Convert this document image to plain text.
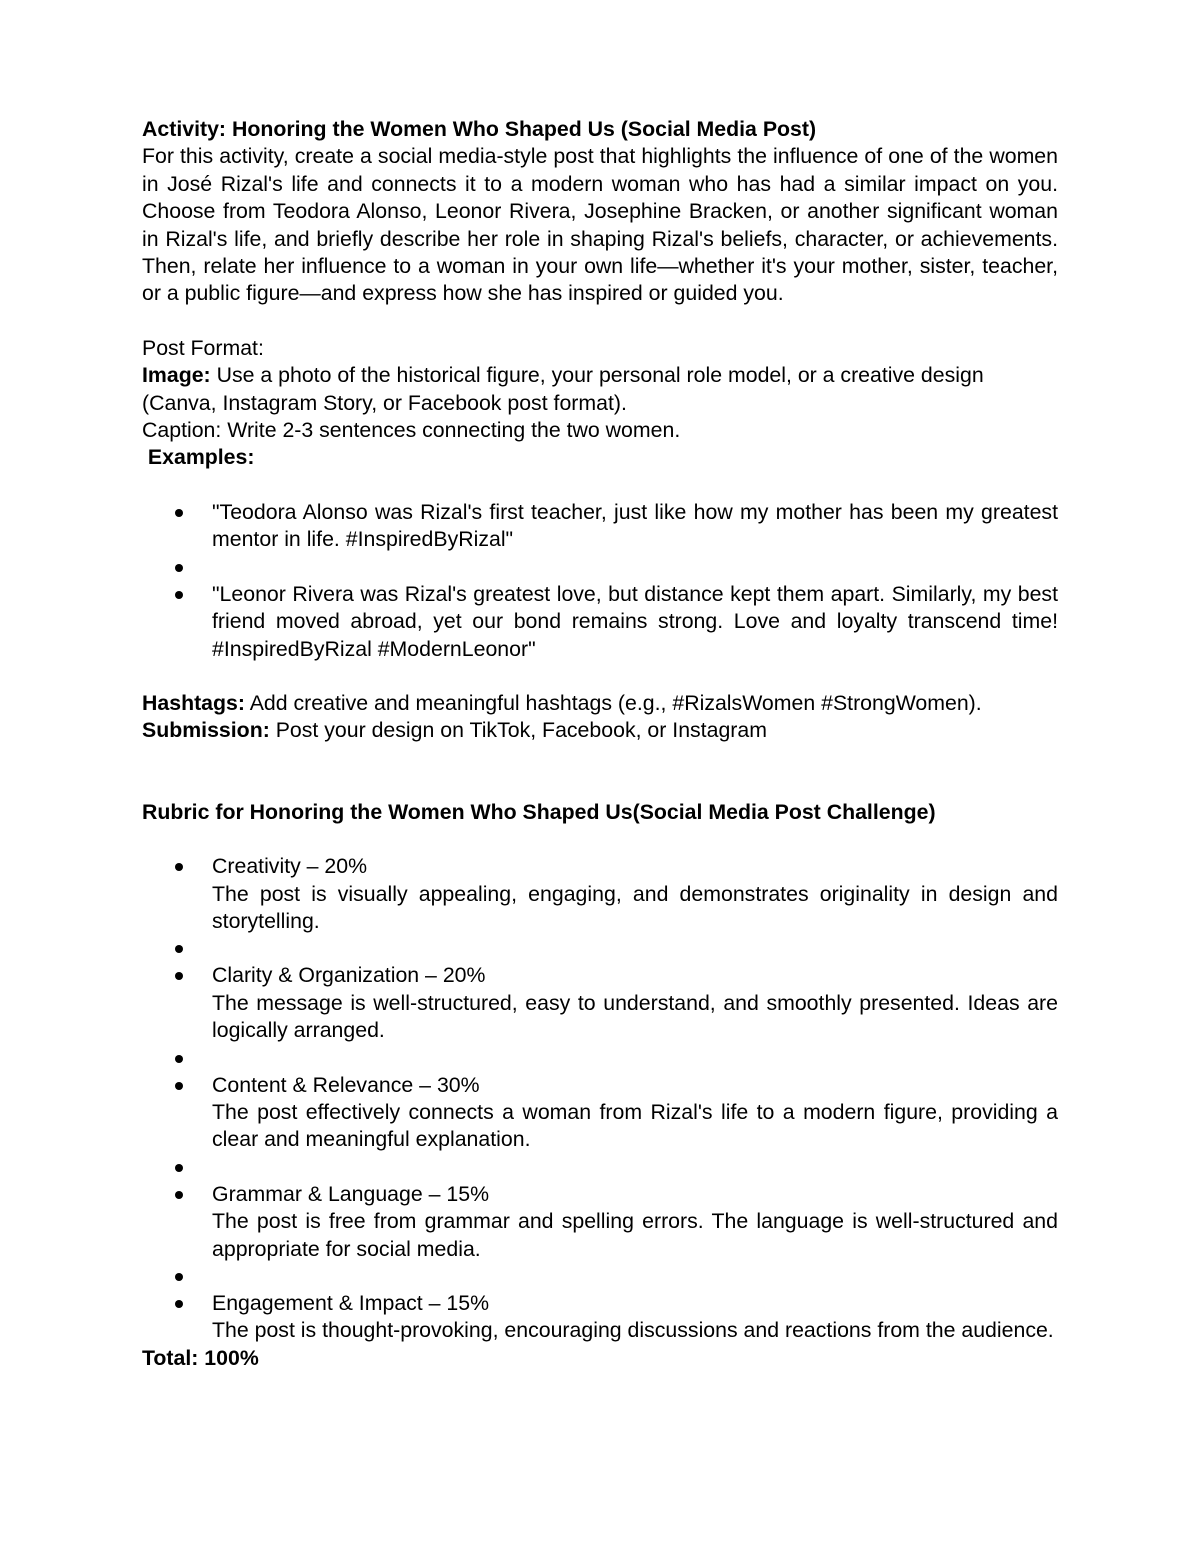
Activity: Honoring the Women Who Shaped Us (Social Media Post)

For this activity, create a social media-style post that highlights the influence of one of the women in José Rizal's life and connects it to a modern woman who has had a similar impact on you. Choose from Teodora Alonso, Leonor Rivera, Josephine Bracken, or another significant woman in Rizal's life, and briefly describe her role in shaping Rizal's beliefs, character, or achievements. Then, relate her influence to a woman in your own life—whether it's your mother, sister, teacher, or a public figure—and express how she has inspired or guided you.

Post Format:

Image: Use a photo of the historical figure, your personal role model, or a creative design (Canva, Instagram Story, or Facebook post format).

Caption: Write 2-3 sentences connecting the two women.

Examples:

"Teodora Alonso was Rizal's first teacher, just like how my mother has been my greatest mentor in life. #InspiredByRizal"
"Leonor Rivera was Rizal's greatest love, but distance kept them apart. Similarly, my best friend moved abroad, yet our bond remains strong. Love and loyalty transcend time! #InspiredByRizal #ModernLeonor"

Hashtags: Add creative and meaningful hashtags (e.g., #RizalsWomen #StrongWomen).

Submission: Post your design on TikTok, Facebook, or Instagram

Rubric for Honoring the Women Who Shaped Us(Social Media Post Challenge)

Creativity – 20%

The post is visually appealing, engaging, and demonstrates originality in design and storytelling.

Clarity & Organization – 20%

The message is well-structured, easy to understand, and smoothly presented. Ideas are logically arranged.

Content & Relevance – 30%

The post effectively connects a woman from Rizal's life to a modern figure, providing a clear and meaningful explanation.

Grammar & Language – 15%

The post is free from grammar and spelling errors. The language is well-structured and appropriate for social media.

Engagement & Impact – 15%

The post is thought-provoking, encouraging discussions and reactions from the audience.

Total: 100%
